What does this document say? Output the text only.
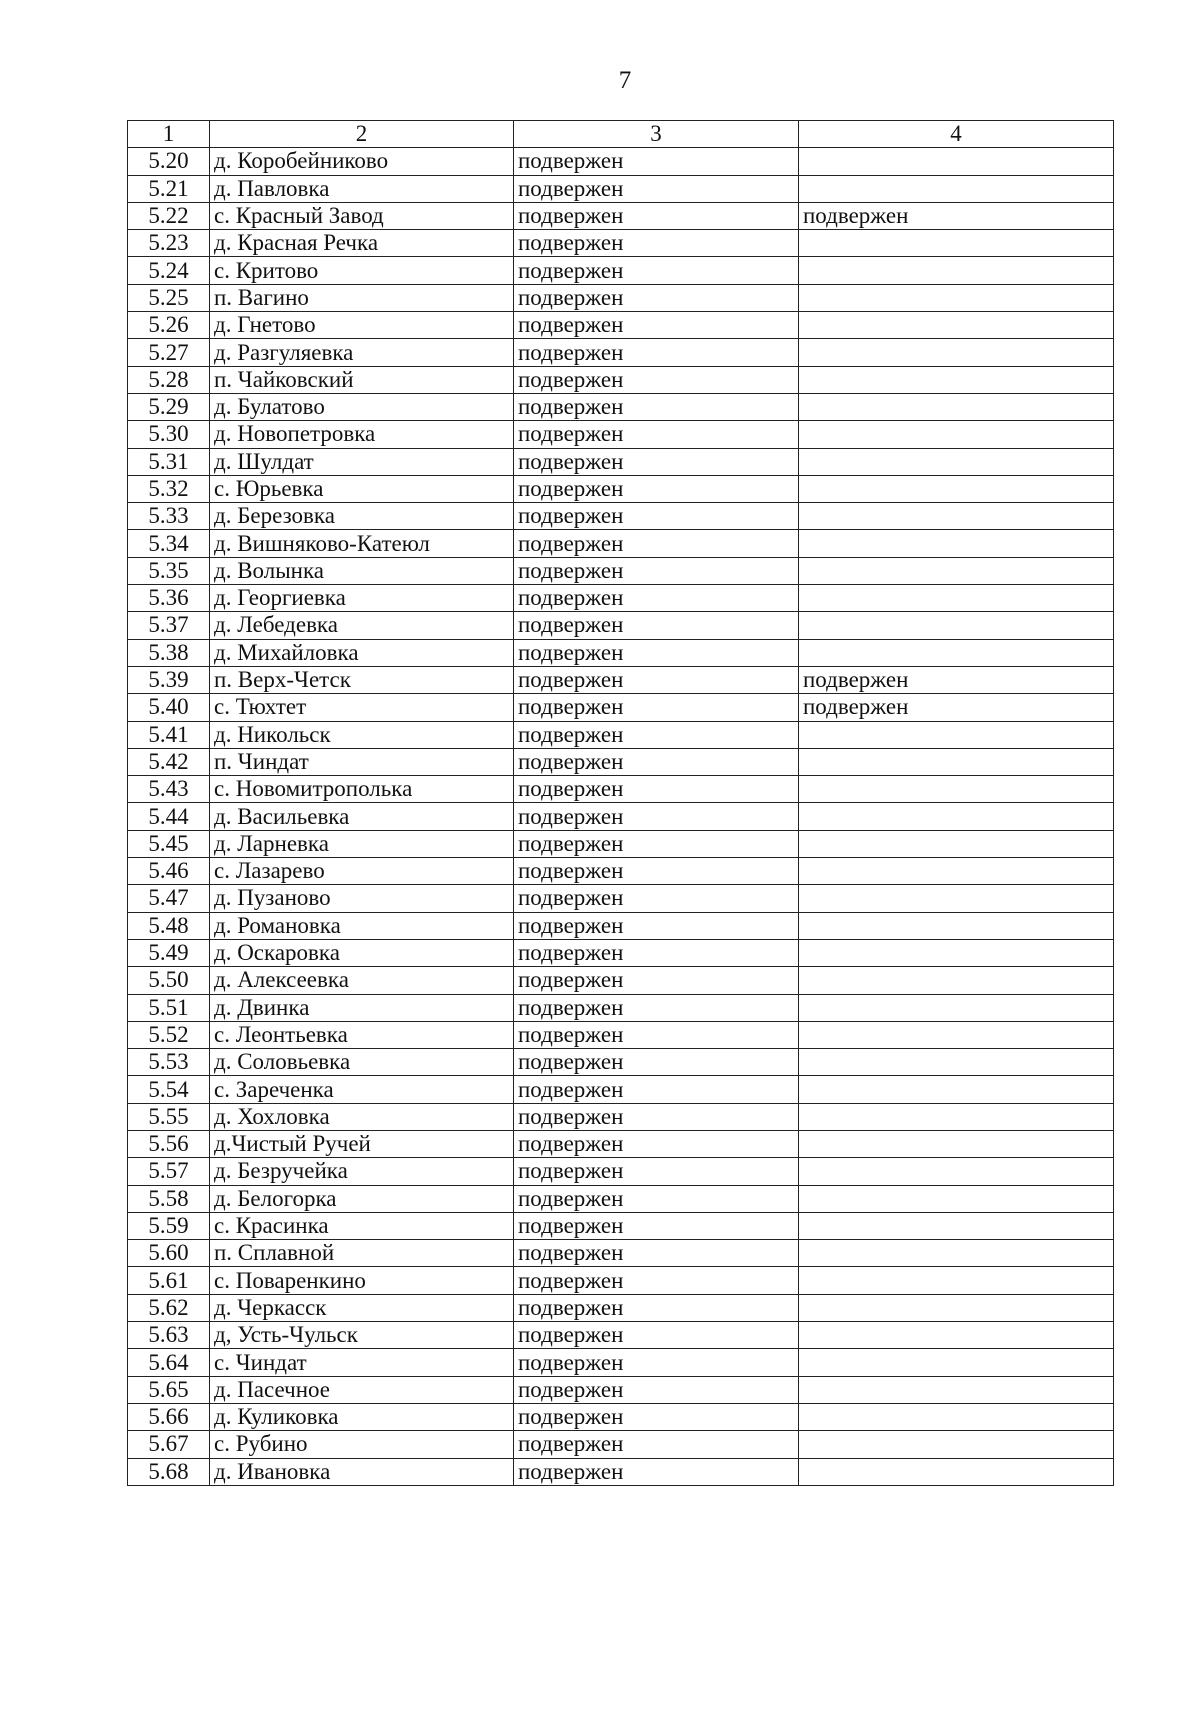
7
1	2	3	4
5.20	д. Коробейниково	подвержен	
5.21	д. Павловка	подвержен	
5.22	с. Красный Завод	подвержен	подвержен
5.23	д. Красная Речка	подвержен	
5.24	с. Критово	подвержен	
5.25	п. Вагино	подвержен	
5.26	д. Гнетово	подвержен	
5.27	д. Разгуляевка	подвержен	
5.28	п. Чайковский	подвержен	
5.29	д. Булатово	подвержен	
5.30	д. Новопетровка	подвержен	
5.31	д. Шулдат	подвержен	
5.32	с. Юрьевка	подвержен	
5.33	д. Березовка	подвержен	
5.34	д. Вишняково-Катеюл	подвержен	
5.35	д. Волынка	подвержен	
5.36	д. Георгиевка	подвержен	
5.37	д. Лебедевка	подвержен	
5.38	д. Михайловка	подвержен	
5.39	п. Верх-Четск	подвержен	подвержен
5.40	с. Тюхтет	подвержен	подвержен
5.41	д. Никольск	подвержен	
5.42	п. Чиндат	подвержен	
5.43	с. Новомитрополька	подвержен	
5.44	д. Васильевка	подвержен	
5.45	д. Ларневка	подвержен	
5.46	с. Лазарево	подвержен	
5.47	д. Пузаново	подвержен	
5.48	д. Романовка	подвержен	
5.49	д. Оскаровка	подвержен	
5.50	д. Алексеевка	подвержен	
5.51	д. Двинка	подвержен	
5.52	с. Леонтьевка	подвержен	
5.53	д. Соловьевка	подвержен	
5.54	с. Зареченка	подвержен	
5.55	д. Хохловка	подвержен	
5.56	д.Чистый Ручей	подвержен	
5.57	д. Безручейка	подвержен	
5.58	д. Белогорка	подвержен	
5.59	с. Красинка	подвержен	
5.60	п. Сплавной	подвержен	
5.61	с. Поваренкино	подвержен	
5.62	д. Черкасск	подвержен	
5.63	д, Усть-Чульск	подвержен	
5.64	с. Чиндат	подвержен	
5.65	д. Пасечное	подвержен	
5.66	д. Куликовка	подвержен	
5.67	с. Рубино	подвержен	
5.68	д. Ивановка	подвержен	
